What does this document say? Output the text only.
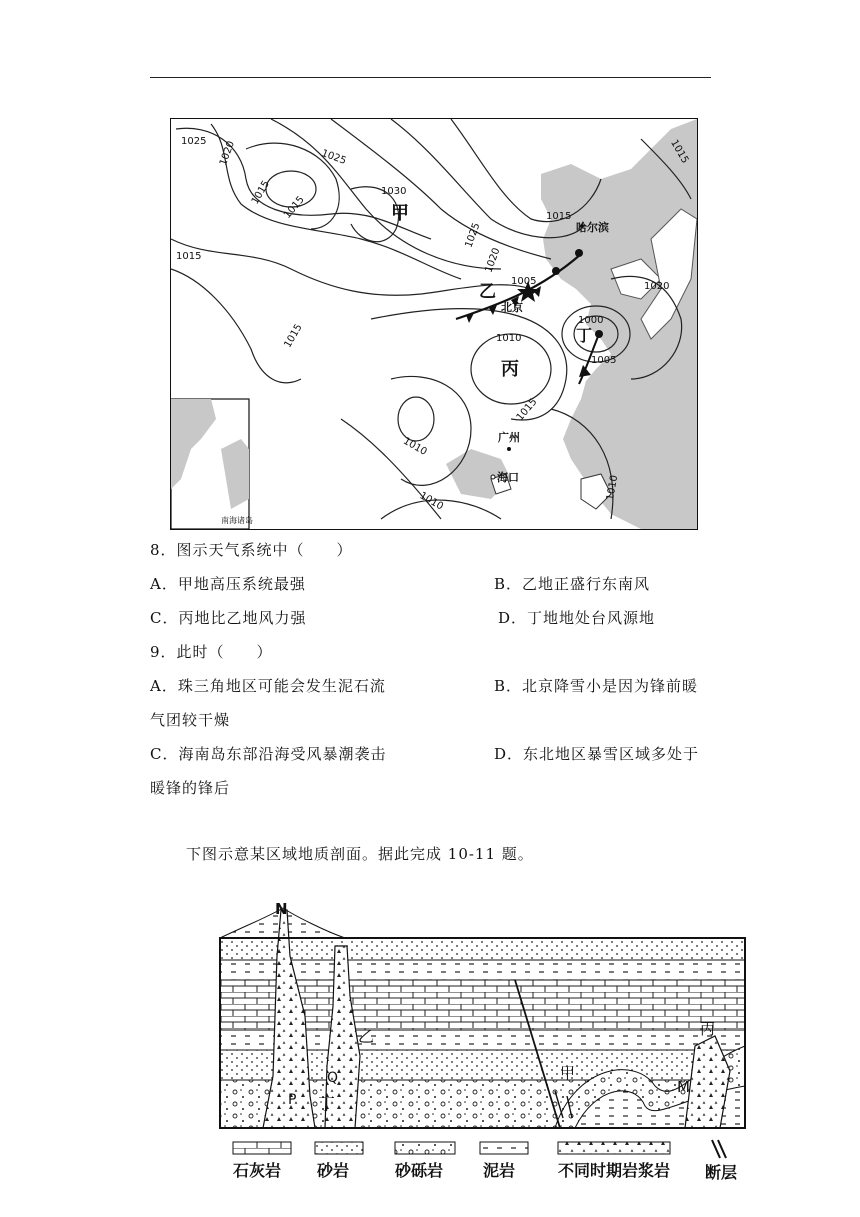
1025 1020
1015
1015
1025
1030
1015
1025
1020
1015
1015
1005
1010
1000
1005
1020
1015
1010
1010
1015
1010
甲
乙
丙
丁
哈尔滨
北京
广州
海口
南海诸岛
8．图示天气系统中（　　）
A．甲地高压系统最强	B．乙地正盛行东南风
C．丙地比乙地风力强	D．丁地地处台风源地
9．此时（　　）
A．珠三角地区可能会发生泥石流	B．北京降雪小是因为锋前暖
气团较干燥
C．海南岛东部沿海受风暴潮袭击	D．东北地区暴雪区域多处于
暖锋的锋后
下图示意某区域地质剖面。据此完成 10-11 题。
N
乙	丙
甲
M
P
Q
丁
石灰岩 砂岩	砂砾岩 泥岩	不同时期岩浆岩 断层
